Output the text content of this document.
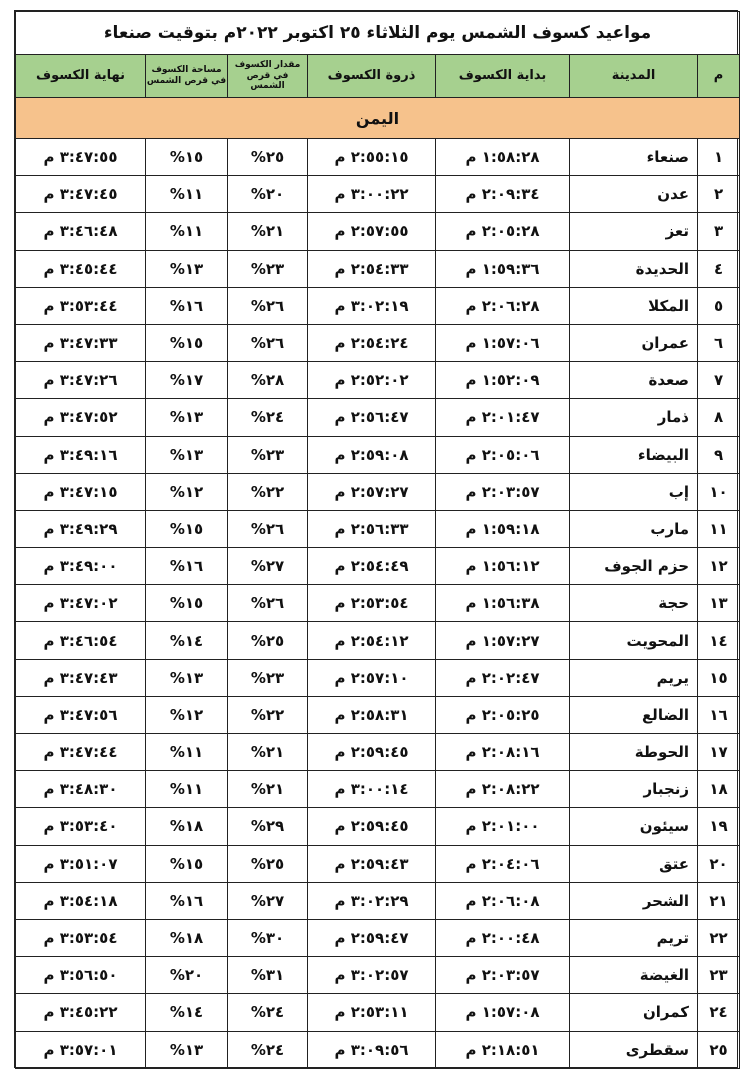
مواعيد كسوف الشمس يوم الثلاثاء ٢٥ اكتوبر ٢٠٢٢م بتوقيت صنعاء						
م	المدينة	بداية الكسوف	ذروة الكسوف	مقدار الكسوف في قرص الشمس	مساحة الكسوف في قرص الشمس	نهاية الكسوف
اليمن						
١	صنعاء	١:٥٨:٢٨ م	٢:٥٥:١٥ م	٢٥%	١٥%	٣:٤٧:٥٥ م
٢	عدن	٢:٠٩:٣٤ م	٣:٠٠:٢٢ م	٢٠%	١١%	٣:٤٧:٤٥ م
٣	تعز	٢:٠٥:٢٨ م	٢:٥٧:٥٥ م	٢١%	١١%	٣:٤٦:٤٨ م
٤	الحديدة	١:٥٩:٣٦ م	٢:٥٤:٣٣ م	٢٣%	١٣%	٣:٤٥:٤٤ م
٥	المكلا	٢:٠٦:٢٨ م	٣:٠٢:١٩ م	٢٦%	١٦%	٣:٥٣:٤٤ م
٦	عمران	١:٥٧:٠٦ م	٢:٥٤:٢٤ م	٢٦%	١٥%	٣:٤٧:٣٣ م
٧	صعدة	١:٥٢:٠٩ م	٢:٥٢:٠٢ م	٢٨%	١٧%	٣:٤٧:٢٦ م
٨	ذمار	٢:٠١:٤٧ م	٢:٥٦:٤٧ م	٢٤%	١٣%	٣:٤٧:٥٢ م
٩	البيضاء	٢:٠٥:٠٦ م	٢:٥٩:٠٨ م	٢٣%	١٣%	٣:٤٩:١٦ م
١٠	إب	٢:٠٣:٥٧ م	٢:٥٧:٢٧ م	٢٢%	١٢%	٣:٤٧:١٥ م
١١	مارب	١:٥٩:١٨ م	٢:٥٦:٣٣ م	٢٦%	١٥%	٣:٤٩:٢٩ م
١٢	حزم الجوف	١:٥٦:١٢ م	٢:٥٤:٤٩ م	٢٧%	١٦%	٣:٤٩:٠٠ م
١٣	حجة	١:٥٦:٣٨ م	٢:٥٣:٥٤ م	٢٦%	١٥%	٣:٤٧:٠٢ م
١٤	المحويت	١:٥٧:٢٧ م	٢:٥٤:١٢ م	٢٥%	١٤%	٣:٤٦:٥٤ م
١٥	يريم	٢:٠٢:٤٧ م	٢:٥٧:١٠ م	٢٣%	١٣%	٣:٤٧:٤٣ م
١٦	الضالع	٢:٠٥:٢٥ م	٢:٥٨:٣١ م	٢٢%	١٢%	٣:٤٧:٥٦ م
١٧	الحوطة	٢:٠٨:١٦ م	٢:٥٩:٤٥ م	٢١%	١١%	٣:٤٧:٤٤ م
١٨	زنجبار	٢:٠٨:٢٢ م	٣:٠٠:١٤ م	٢١%	١١%	٣:٤٨:٣٠ م
١٩	سيئون	٢:٠١:٠٠ م	٢:٥٩:٤٥ م	٢٩%	١٨%	٣:٥٣:٤٠ م
٢٠	عتق	٢:٠٤:٠٦ م	٢:٥٩:٤٣ م	٢٥%	١٥%	٣:٥١:٠٧ م
٢١	الشحر	٢:٠٦:٠٨ م	٣:٠٢:٢٩ م	٢٧%	١٦%	٣:٥٤:١٨ م
٢٢	تريم	٢:٠٠:٤٨ م	٢:٥٩:٤٧ م	٣٠%	١٨%	٣:٥٣:٥٤ م
٢٣	الغيضة	٢:٠٣:٥٧ م	٣:٠٢:٥٧ م	٣١%	٢٠%	٣:٥٦:٥٠ م
٢٤	كمران	١:٥٧:٠٨ م	٢:٥٣:١١ م	٢٤%	١٤%	٣:٤٥:٢٢ م
٢٥	سقطرى	٢:١٨:٥١ م	٣:٠٩:٥٦ م	٢٤%	١٣%	٣:٥٧:٠١ م
